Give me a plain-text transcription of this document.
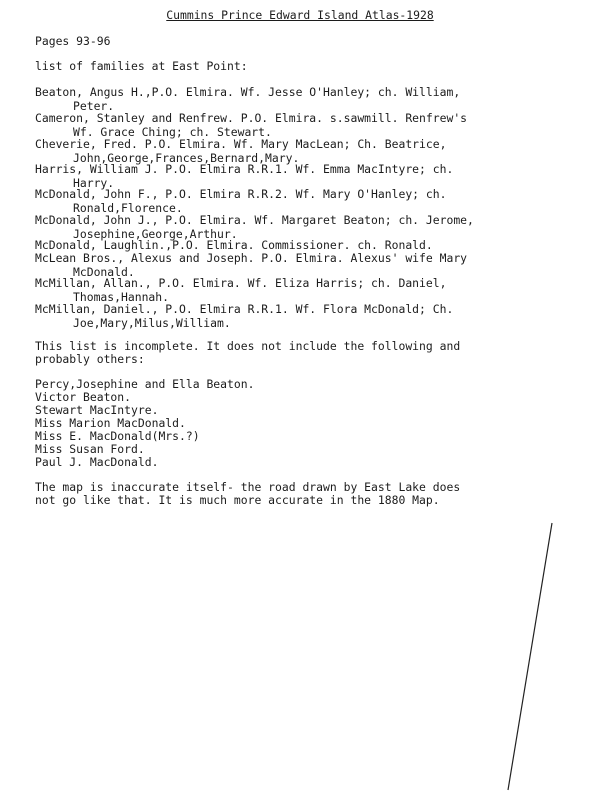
Cummins Prince Edward Island Atlas-1928
Pages 93-96
list of families at East Point:
Beaton, Angus H.,P.O. Elmira. Wf. Jesse O'Hanley; ch. William,
Peter.
Cameron, Stanley and Renfrew. P.O. Elmira. s.sawmill. Renfrew's
Wf. Grace Ching; ch. Stewart.
Cheverie, Fred. P.O. Elmira. Wf. Mary MacLean; Ch. Beatrice,
John,George,Frances,Bernard,Mary.
Harris, William J. P.O. Elmira R.R.1. Wf. Emma MacIntyre; ch.
Harry.
McDonald, John F., P.O. Elmira R.R.2. Wf. Mary O'Hanley; ch.
Ronald,Florence.
McDonald, John J., P.O. Elmira. Wf. Margaret Beaton; ch. Jerome,
Josephine,George,Arthur.
McDonald, Laughlin.,P.O. Elmira. Commissioner. ch. Ronald.
McLean Bros., Alexus and Joseph. P.O. Elmira. Alexus' wife Mary
McDonald.
McMillan, Allan., P.O. Elmira. Wf. Eliza Harris; ch. Daniel,
Thomas,Hannah.
McMillan, Daniel., P.O. Elmira R.R.1. Wf. Flora McDonald; Ch.
Joe,Mary,Milus,William.
This list is incomplete. It does not include the following and
probably others:
Percy,Josephine and Ella Beaton.
Victor Beaton.
Stewart MacIntyre.
Miss Marion MacDonald.
Miss E. MacDonald(Mrs.?)
Miss Susan Ford.
Paul J. MacDonald.
The map is inaccurate itself- the road drawn by East Lake does
not go like that. It is much more accurate in the 1880 Map.
